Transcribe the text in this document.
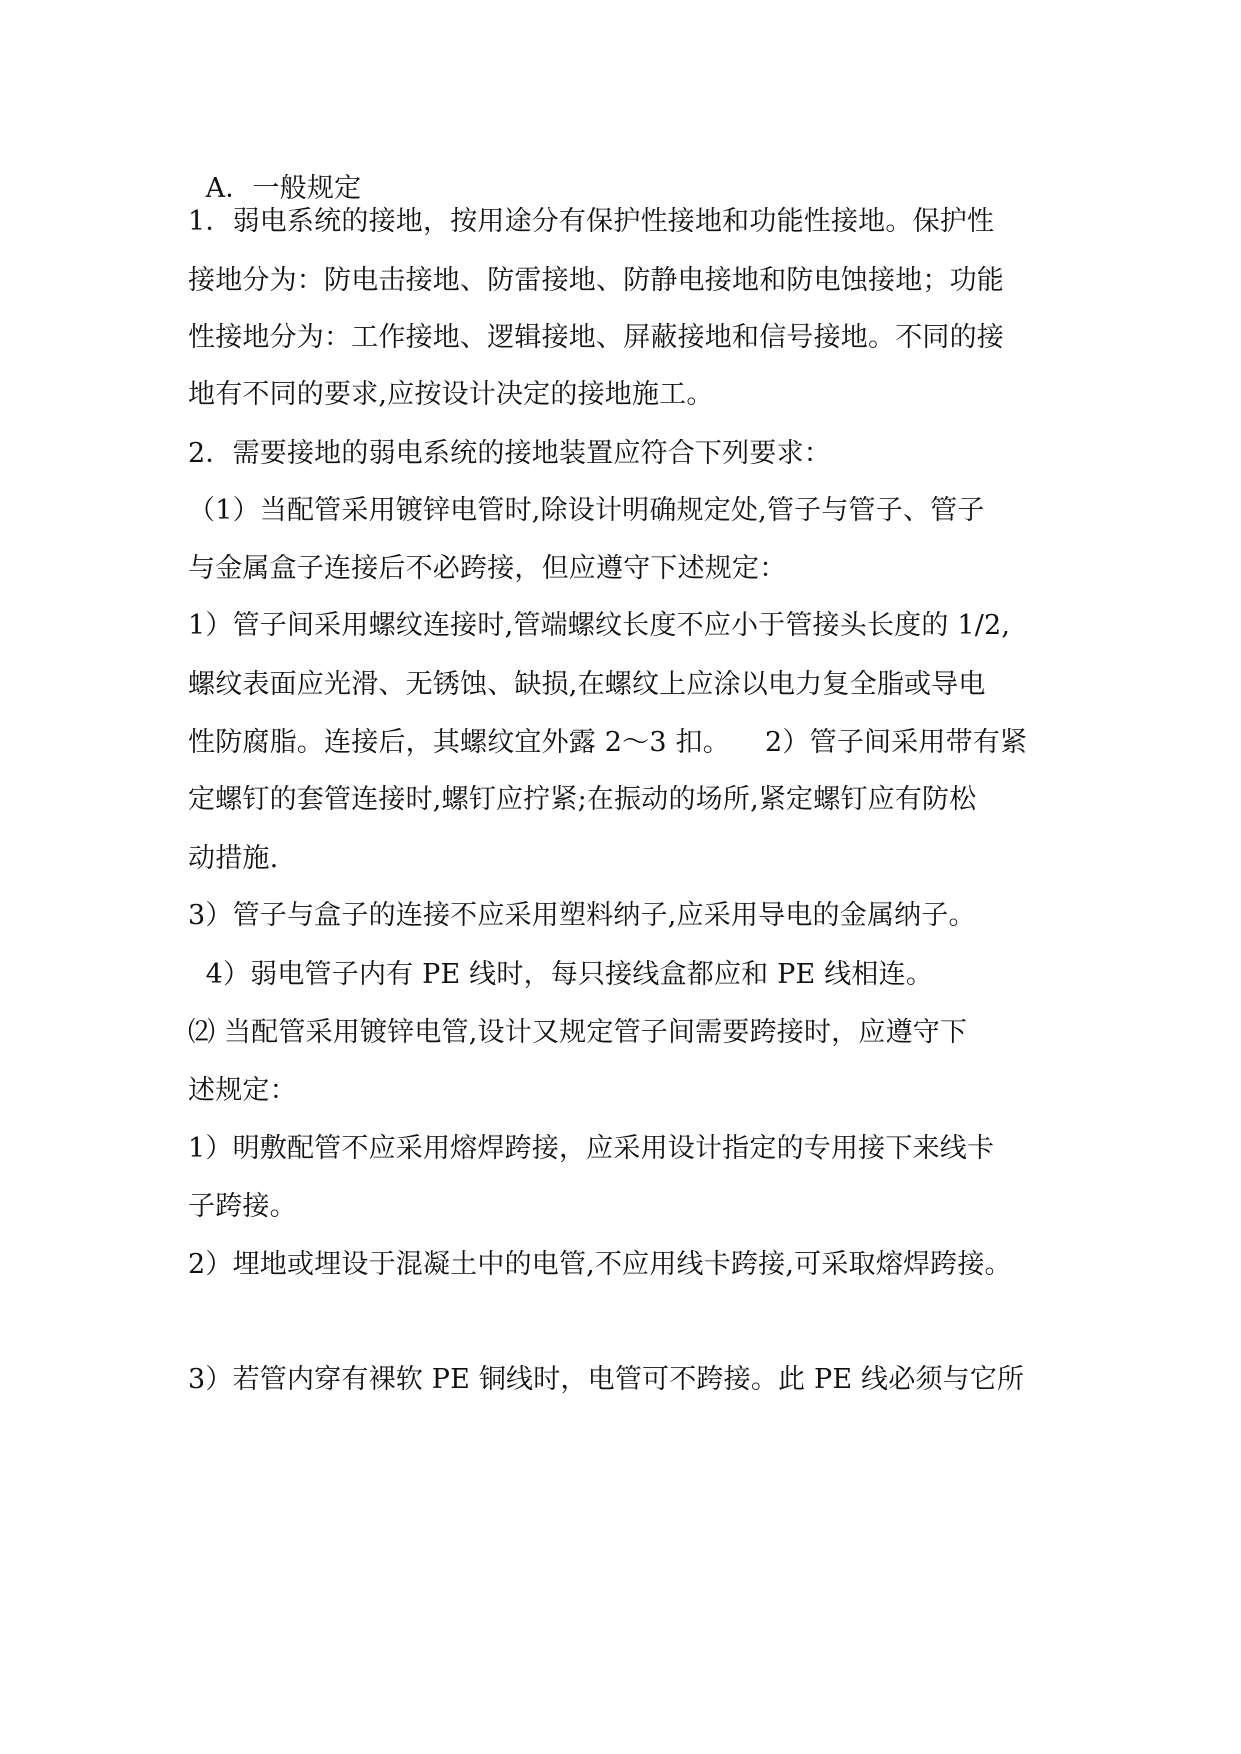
A．一般规定
1．弱电系统的接地，按用途分有保护性接地和功能性接地。保护性
接地分为：防电击接地、防雷接地、防静电接地和防电蚀接地；功能
性接地分为：工作接地、逻辑接地、屏蔽接地和信号接地。不同的接
地有不同的要求,应按设计决定的接地施工。
2．需要接地的弱电系统的接地装置应符合下列要求：
（1）当配管采用镀锌电管时,除设计明确规定处,管子与管子、管子
与金属盒子连接后不必跨接，但应遵守下述规定：
1）管子间采用螺纹连接时,管端螺纹长度不应小于管接头长度的 1/2,
螺纹表面应光滑、无锈蚀、缺损,在螺纹上应涂以电力复全脂或导电
性防腐脂。连接后，其螺纹宜外露 2～3 扣。    2）管子间采用带有紧
定螺钉的套管连接时,螺钉应拧紧;在振动的场所,紧定螺钉应有防松
动措施.
3）管子与盒子的连接不应采用塑料纳子,应采用导电的金属纳子。
4）弱电管子内有 PE 线时，每只接线盒都应和 PE 线相连。
⑵ 当配管采用镀锌电管,设计又规定管子间需要跨接时，应遵守下
述规定：
1）明敷配管不应采用熔焊跨接，应采用设计指定的专用接下来线卡
子跨接。
2）埋地或埋设于混凝土中的电管,不应用线卡跨接,可采取熔焊跨接。
3）若管内穿有裸软 PE 铜线时，电管可不跨接。此 PE 线必须与它所
